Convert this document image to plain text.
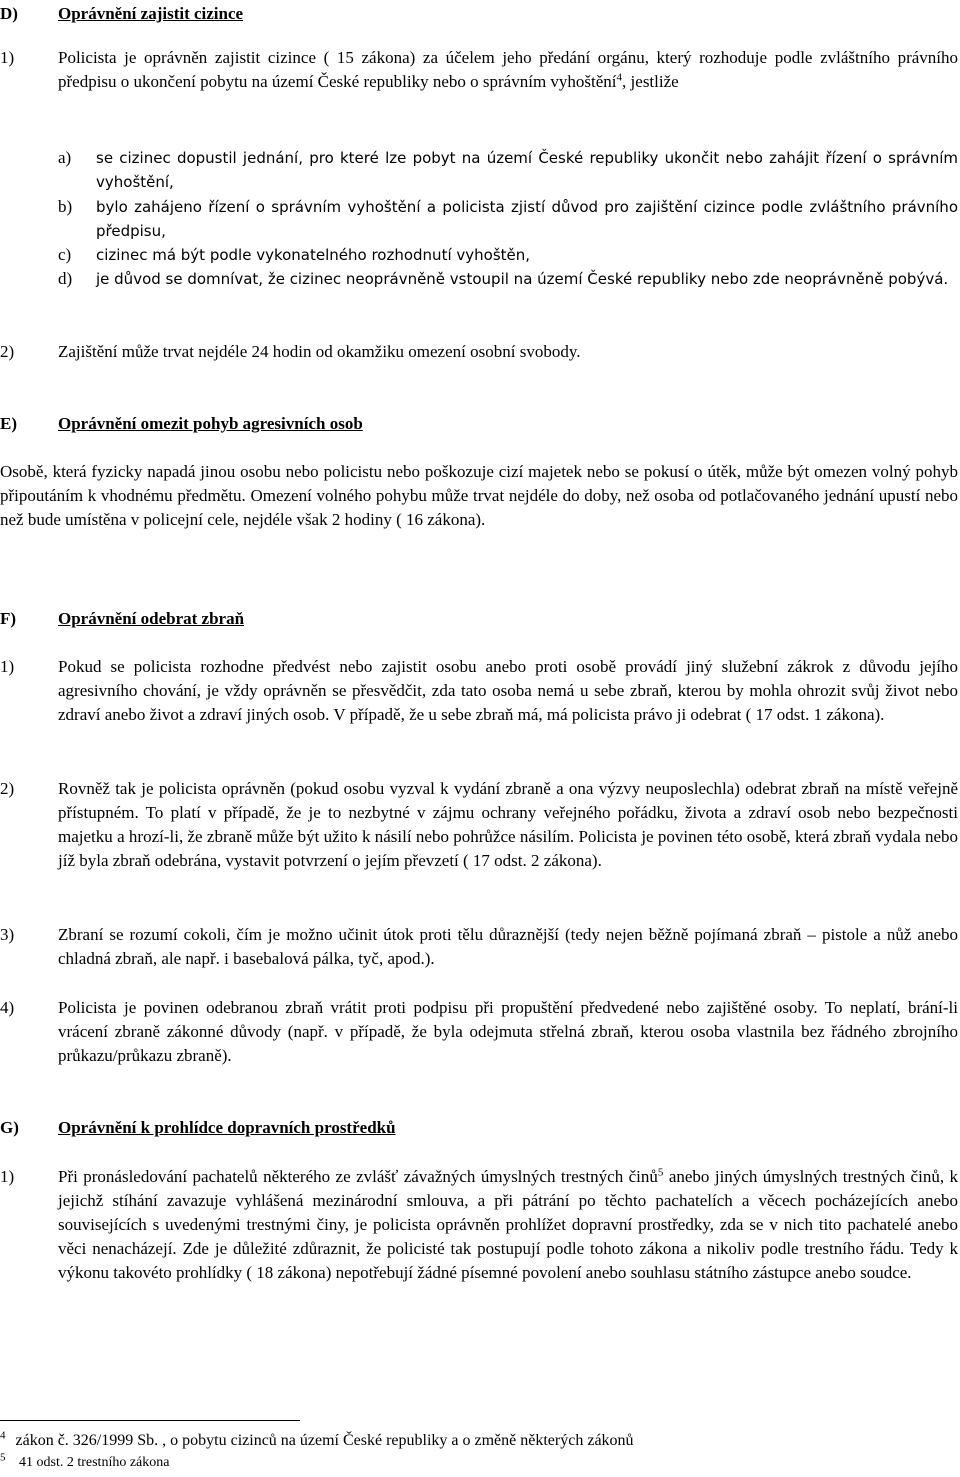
D) Oprávnění zajistit cizince
1)	Policista je oprávněn zajistit cizince ( 15 zákona) za účelem jeho předání orgánu, který rozhoduje podle zvláštního právního předpisu o ukončení pobytu na území České republiky nebo o správním vyhoštění$^4$, jestliže
a) se cizinec dopustil jednání, pro které lze pobyt na území České republiky ukončit nebo zahájit řízení o správním vyhoštění,
b) bylo zahájeno řízení o správním vyhoštění a policista zjistí důvod pro zajištění cizince podle zvláštního právního předpisu,
c) cizinec má být podle vykonatelného rozhodnutí vyhoštěn,
d) je důvod se domnívat, že cizinec neoprávněně vstoupil na území České republiky nebo zde neoprávněně pobývá.
2)	Zajištění může trvat nejdéle 24 hodin od okamžiku omezení osobní svobody.
E) Oprávnění omezit pohyb agresivních osob
Osobě, která fyzicky napadá jinou osobu nebo policistu nebo poškozuje cizí majetek nebo se pokusí o útěk, může být omezen volný pohyb připoutáním k vhodnému předmětu. Omezení volného pohybu může trvat nejdéle do doby, než osoba od potlačovaného jednání upustí nebo než bude umístěna v policejní cele, nejdéle však 2 hodiny ( 16 zákona).
F) Oprávnění odebrat zbraň
1)	Pokud se policista rozhodne předvést nebo zajistit osobu anebo proti osobě provádí jiný služební zákrok z důvodu jejího agresivního chování, je vždy oprávněn se přesvědčit, zda tato osoba nemá u sebe zbraň, kterou by mohla ohrozit svůj život nebo zdraví anebo život a zdraví jiných osob. V případě, že u sebe zbraň má, má policista právo ji odebrat ( 17 odst. 1 zákona).
2)	Rovněž tak je policista oprávněn (pokud osobu vyzval k vydání zbraně a ona výzvy neuposlechla) odebrat zbraň na místě veřejně přístupném. To platí v případě, že je to nezbytné v zájmu ochrany veřejného pořádku, života a zdraví osob nebo bezpečnosti majetku a hrozí-li, že zbraně může být užito k násilí nebo pohrůžce násilím. Policista je povinen této osobě, která zbraň vydala nebo jíž byla zbraň odebrána, vystavit potvrzení o jejím převzetí ( 17 odst. 2 zákona).
3)	Zbraní se rozumí cokoli, čím je možno učinit útok proti tělu důraznější (tedy nejen běžně pojímaná zbraň – pistole a nůž anebo chladná zbraň, ale např. i basebalová pálka, tyč, apod.).
4)	Policista je povinen odebranou zbraň vrátit proti podpisu při propuštění předvedené nebo zajištěné osoby. To neplatí, brání-li vrácení zbraně zákonné důvody (např. v případě, že byla odejmuta střelná zbraň, kterou osoba vlastnila bez řádného zbrojního průkazu/průkazu zbraně).
G) Oprávnění k prohlídce dopravních prostředků
1)	Při pronásledování pachatelů některého ze zvlášť závažných úmyslných trestných činů$^5$ anebo jiných úmyslných trestných činů, k jejichž stíhání zavazuje vyhlášená mezinárodní smlouva, a při pátrání po těchto pachatelích a věcech pocházejících anebo souvisejících s uvedenými trestnými činy, je policista oprávněn prohlížet dopravní prostředky, zda se v nich tito pachatelé anebo věci nenacházejí. Zde je důležité zdůraznit, že policisté tak postupují podle tohoto zákona a nikoliv podle trestního řádu. Tedy k výkonu takovéto prohlídky ( 18 zákona) nepotřebují žádné písemné povolení anebo souhlasu státního zástupce anebo soudce.
$^4$ zákon č. 326/1999 Sb. , o pobytu cizinců na území České republiky a o změně některých zákonů
$^5$ 41 odst. 2 trestního zákona
